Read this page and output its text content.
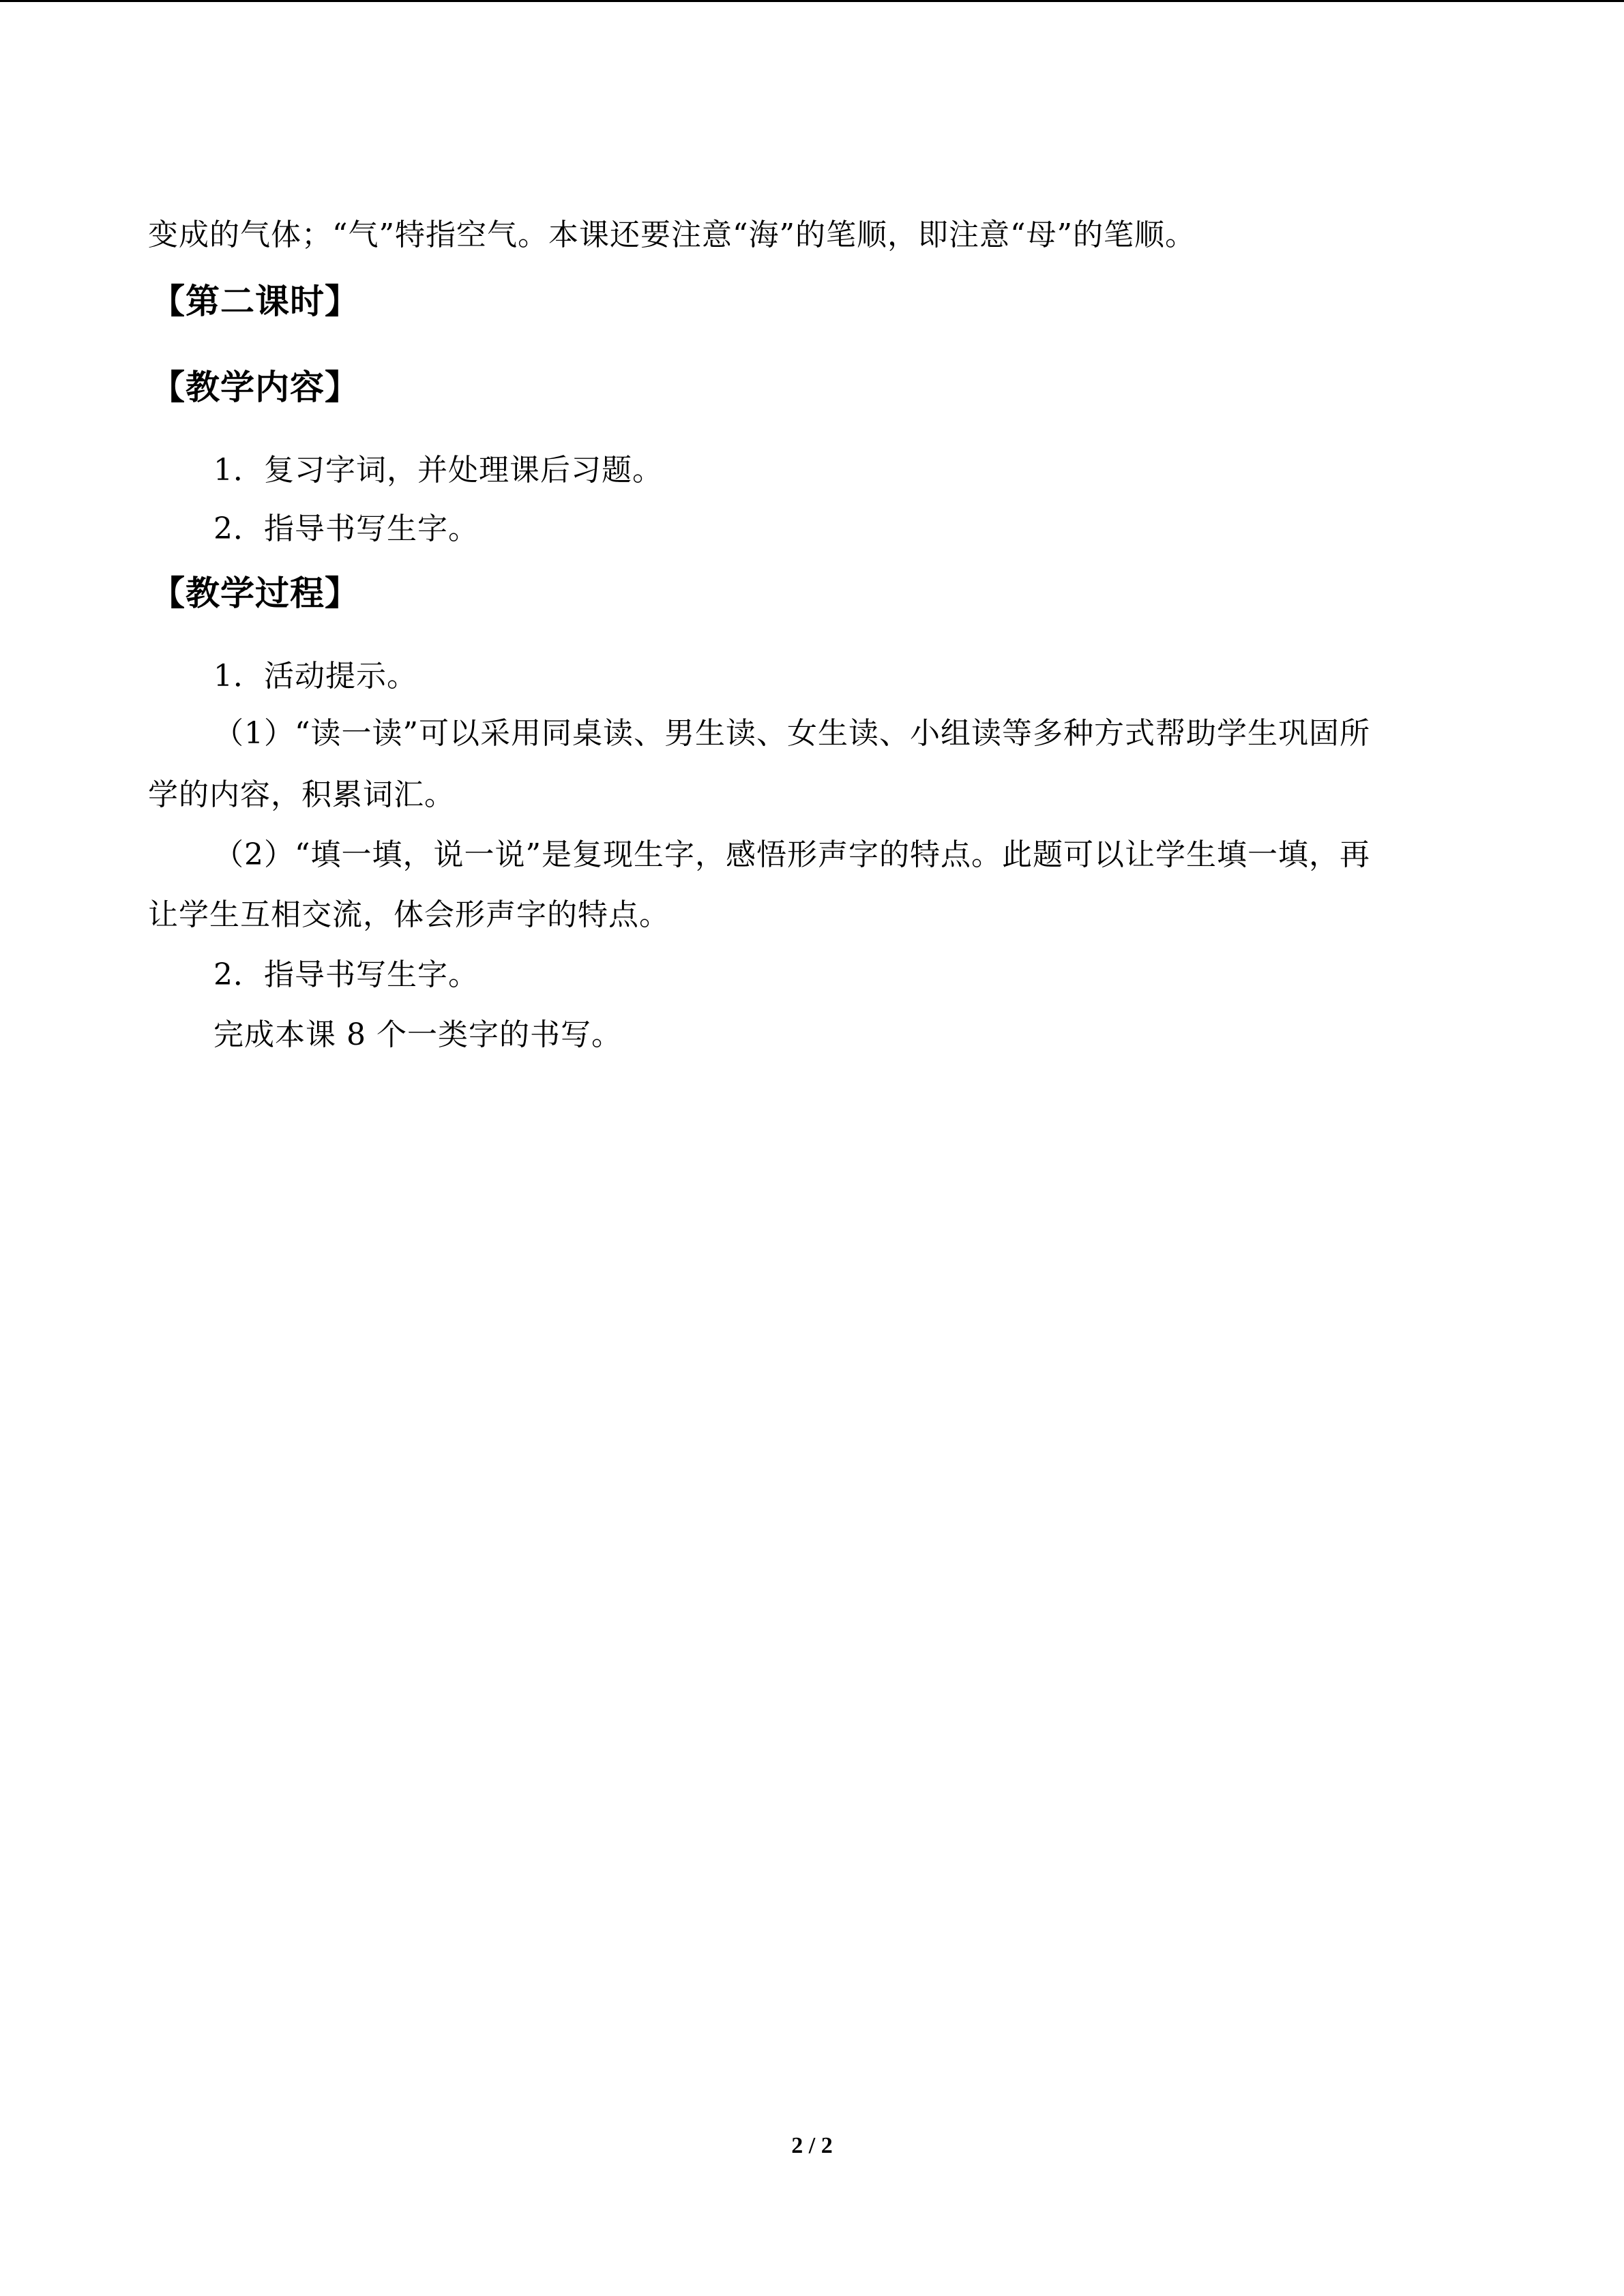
变成的气体；“气”特指空气。本课还要注意“海”的笔顺，即注意“母”的笔顺。
【第二课时】
【教学内容】
1．复习字词，并处理课后习题。
2．指导书写生字。
【教学过程】
1．活动提示。
（1）“读一读”可以采用同桌读、男生读、女生读、小组读等多种方式帮助学生巩固所
学的内容，积累词汇。
（2）“填一填，说一说”是复现生字，感悟形声字的特点。此题可以让学生填一填，再
让学生互相交流，体会形声字的特点。
2．指导书写生字。
完成本课 8 个一类字的书写。
2 / 2
